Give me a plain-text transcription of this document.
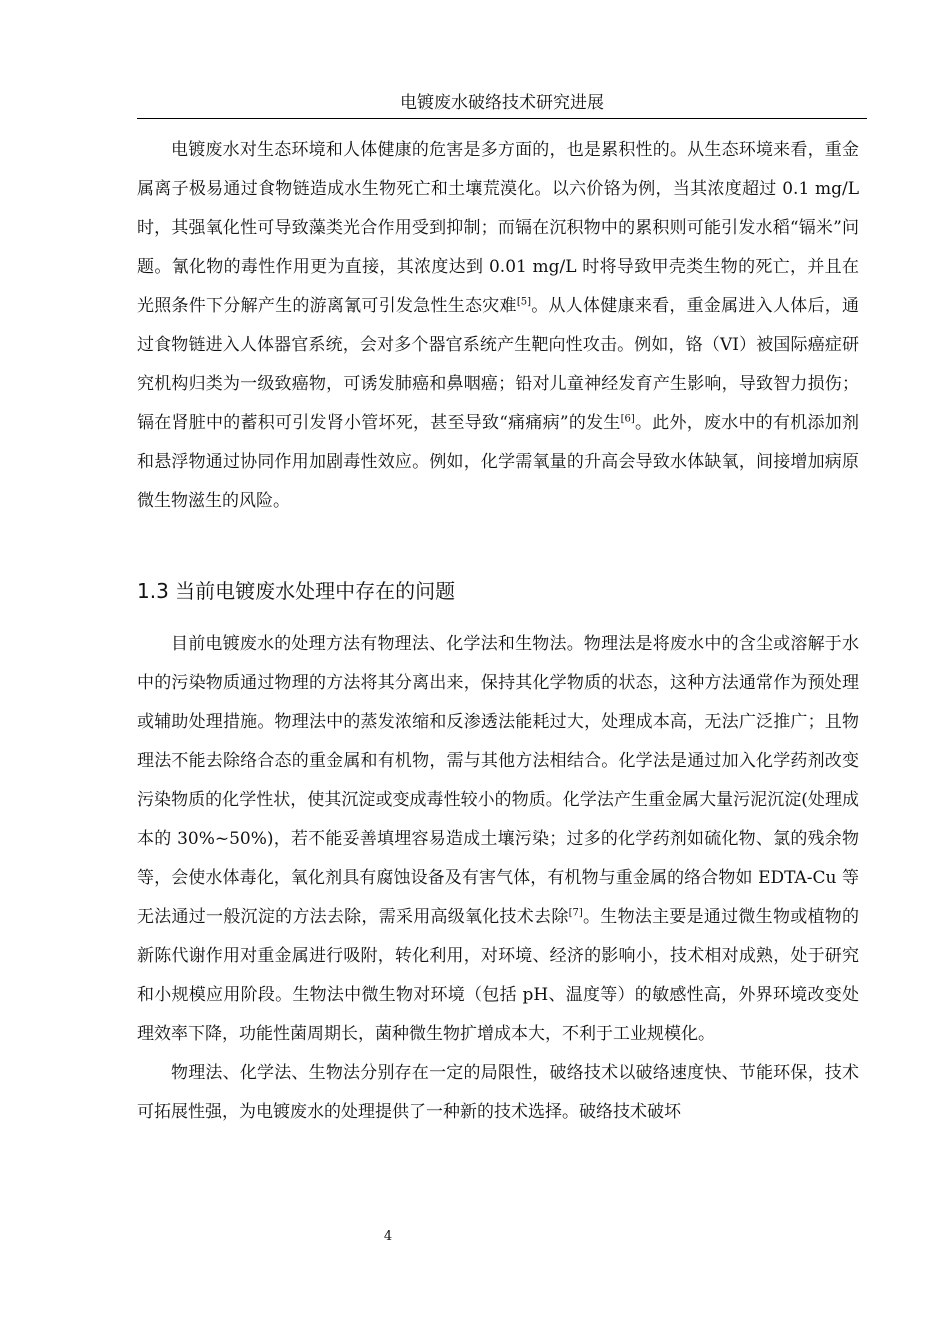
电镀废水破络技术研究进展

电镀废水对生态环境和人体健康的危害是多方面的，也是累积性的。从生态环境来看，重金属离子极易通过食物链造成水生物死亡和土壤荒漠化。以六价铬为例，当其浓度超过 0.1 mg/L 时，其强氧化性可导致藻类光合作用受到抑制；而镉在沉积物中的累积则可能引发水稻“镉米”问题。氰化物的毒性作用更为直接，其浓度达到 0.01 mg/L 时将导致甲壳类生物的死亡，并且在光照条件下分解产生的游离氰可引发急性生态灾难[5]。从人体健康来看，重金属进入人体后，通过食物链进入人体器官系统，会对多个器官系统产生靶向性攻击。例如，铬（VI）被国际癌症研究机构归类为一级致癌物，可诱发肺癌和鼻咽癌；铅对儿童神经发育产生影响，导致智力损伤；镉在肾脏中的蓄积可引发肾小管坏死，甚至导致“痛痛病”的发生[6]。此外，废水中的有机添加剂和悬浮物通过协同作用加剧毒性效应。例如，化学需氧量的升高会导致水体缺氧，间接增加病原微生物滋生的风险。

1.3 当前电镀废水处理中存在的问题

目前电镀废水的处理方法有物理法、化学法和生物法。物理法是将废水中的含尘或溶解于水中的污染物质通过物理的方法将其分离出来，保持其化学物质的状态，这种方法通常作为预处理或辅助处理措施。物理法中的蒸发浓缩和反渗透法能耗过大，处理成本高，无法广泛推广；且物理法不能去除络合态的重金属和有机物，需与其他方法相结合。化学法是通过加入化学药剂改变污染物质的化学性状，使其沉淀或变成毒性较小的物质。化学法产生重金属大量污泥沉淀(处理成本的 30%~50%)，若不能妥善填埋容易造成土壤污染；过多的化学药剂如硫化物、氯的残余物等，会使水体毒化，氧化剂具有腐蚀设备及有害气体，有机物与重金属的络合物如 EDTA-Cu 等无法通过一般沉淀的方法去除，需采用高级氧化技术去除[7]。生物法主要是通过微生物或植物的新陈代谢作用对重金属进行吸附，转化利用，对环境、经济的影响小，技术相对成熟，处于研究和小规模应用阶段。生物法中微生物对环境（包括 pH、温度等）的敏感性高，外界环境改变处理效率下降，功能性菌周期长，菌种微生物扩增成本大，不利于工业规模化。

物理法、化学法、生物法分别存在一定的局限性，破络技术以破络速度快、节能环保，技术可拓展性强，为电镀废水的处理提供了一种新的技术选择。破络技术破坏

4
